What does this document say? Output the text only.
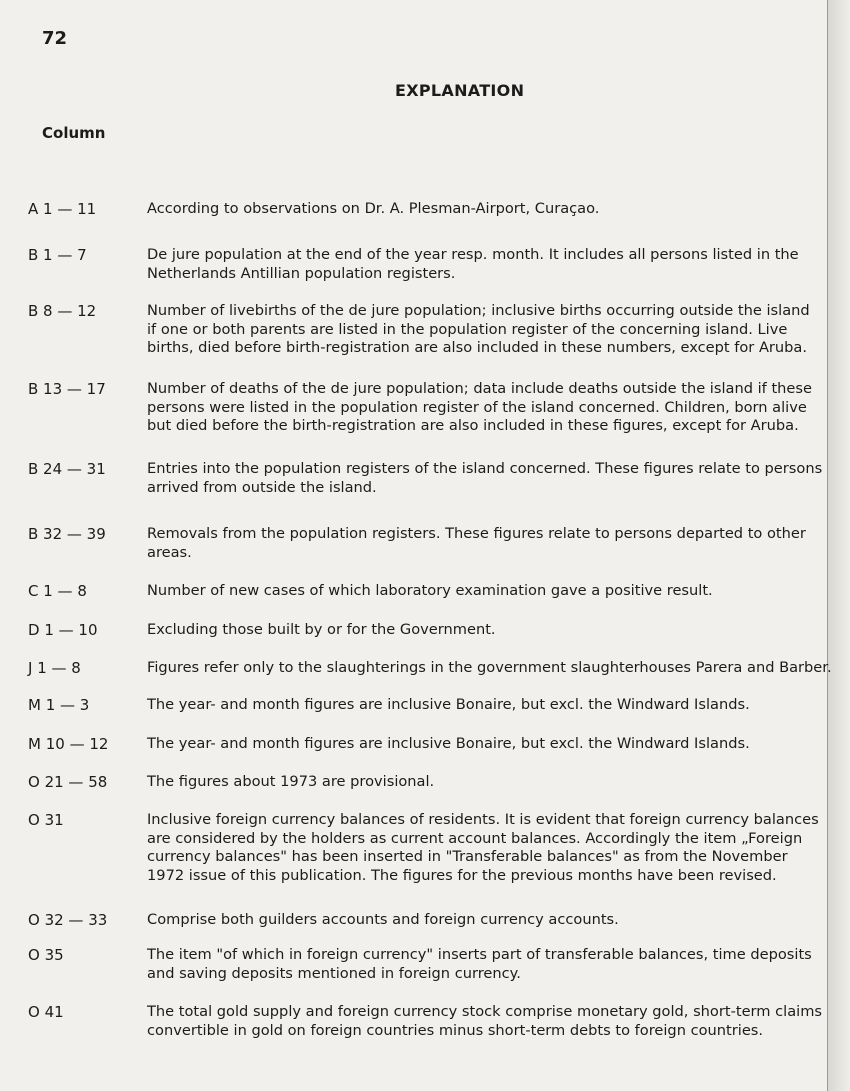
72
EXPLANATION
Column
A 1 — 11	According to observations on Dr. A. Plesman-Airport, Curaçao.
B 1 — 7	De jure population at the end of the year resp. month. It includes all persons listed in the
Netherlands Antillian population registers.
B 8 — 12	Number of livebirths of the de jure population; inclusive births occurring outside the island
if one or both parents are listed in the population register of the concerning island. Live
births, died before birth-registration are also included in these numbers, except for Aruba.
B 13 — 17	Number of deaths of the de jure population; data include deaths outside the island if these
persons were listed in the population register of the island concerned. Children, born alive
but died before the birth-registration are also included in these figures, except for Aruba.
B 24 — 31	Entries into the population registers of the island concerned. These figures relate to persons
arrived from outside the island.
B 32 — 39	Removals from the population registers. These figures relate to persons departed to other
areas.
C 1 — 8	Number of new cases of which laboratory examination gave a positive result.
D 1 — 10	Excluding those built by or for the Government.
J 1 — 8	Figures refer only to the slaughterings in the government slaughterhouses Parera and Barber.
M 1 — 3	The year- and month figures are inclusive Bonaire, but excl. the Windward Islands.
M 10 — 12	The year- and month figures are inclusive Bonaire, but excl. the Windward Islands.
O 21 — 58	The figures about 1973 are provisional.
O 31	Inclusive foreign currency balances of residents. It is evident that foreign currency balances
are considered by the holders as current account balances. Accordingly the item „Foreign
currency balances" has been inserted in "Transferable balances" as from the November
1972 issue of this publication. The figures for the previous months have been revised.
O 32 — 33	Comprise both guilders accounts and foreign currency accounts.
O 35	The item "of which in foreign currency" inserts part of transferable balances, time deposits
and saving deposits mentioned in foreign currency.
O 41	The total gold supply and foreign currency stock comprise monetary gold, short-term claims
convertible in gold on foreign countries minus short-term debts to foreign countries.
